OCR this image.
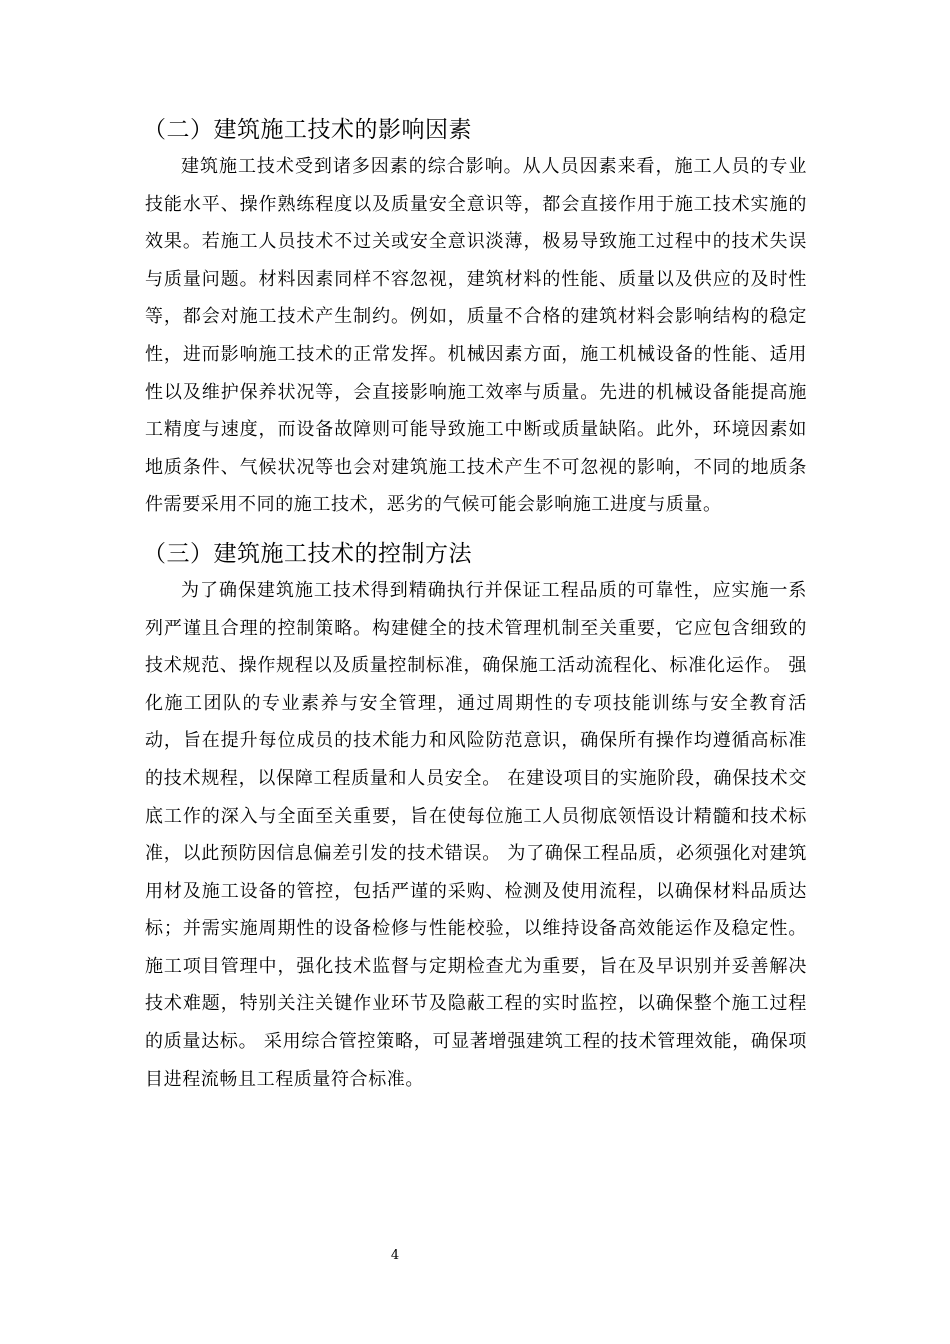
（二）建筑施工技术的影响因素

建筑施工技术受到诸多因素的综合影响。从人员因素来看，施工人员的专业技能水平、操作熟练程度以及质量安全意识等，都会直接作用于施工技术实施的效果。若施工人员技术不过关或安全意识淡薄，极易导致施工过程中的技术失误与质量问题。材料因素同样不容忽视，建筑材料的性能、质量以及供应的及时性等，都会对施工技术产生制约。例如，质量不合格的建筑材料会影响结构的稳定性，进而影响施工技术的正常发挥。机械因素方面，施工机械设备的性能、适用性以及维护保养状况等，会直接影响施工效率与质量。先进的机械设备能提高施工精度与速度，而设备故障则可能导致施工中断或质量缺陷。此外，环境因素如地质条件、气候状况等也会对建筑施工技术产生不可忽视的影响，不同的地质条件需要采用不同的施工技术，恶劣的气候可能会影响施工进度与质量。

（三）建筑施工技术的控制方法

为了确保建筑施工技术得到精确执行并保证工程品质的可靠性，应实施一系列严谨且合理的控制策略。构建健全的技术管理机制至关重要，它应包含细致的技术规范、操作规程以及质量控制标准，确保施工活动流程化、标准化运作。 强化施工团队的专业素养与安全管理，通过周期性的专项技能训练与安全教育活动，旨在提升每位成员的技术能力和风险防范意识，确保所有操作均遵循高标准的技术规程，以保障工程质量和人员安全。 在建设项目的实施阶段，确保技术交底工作的深入与全面至关重要，旨在使每位施工人员彻底领悟设计精髓和技术标准，以此预防因信息偏差引发的技术错误。 为了确保工程品质，必须强化对建筑用材及施工设备的管控，包括严谨的采购、检测及使用流程，以确保材料品质达标；并需实施周期性的设备检修与性能校验，以维持设备高效能运作及稳定性。 施工项目管理中，强化技术监督与定期检查尤为重要，旨在及早识别并妥善解决技术难题，特别关注关键作业环节及隐蔽工程的实时监控，以确保整个施工过程的质量达标。 采用综合管控策略，可显著增强建筑工程的技术管理效能，确保项目进程流畅且工程质量符合标准。

4
